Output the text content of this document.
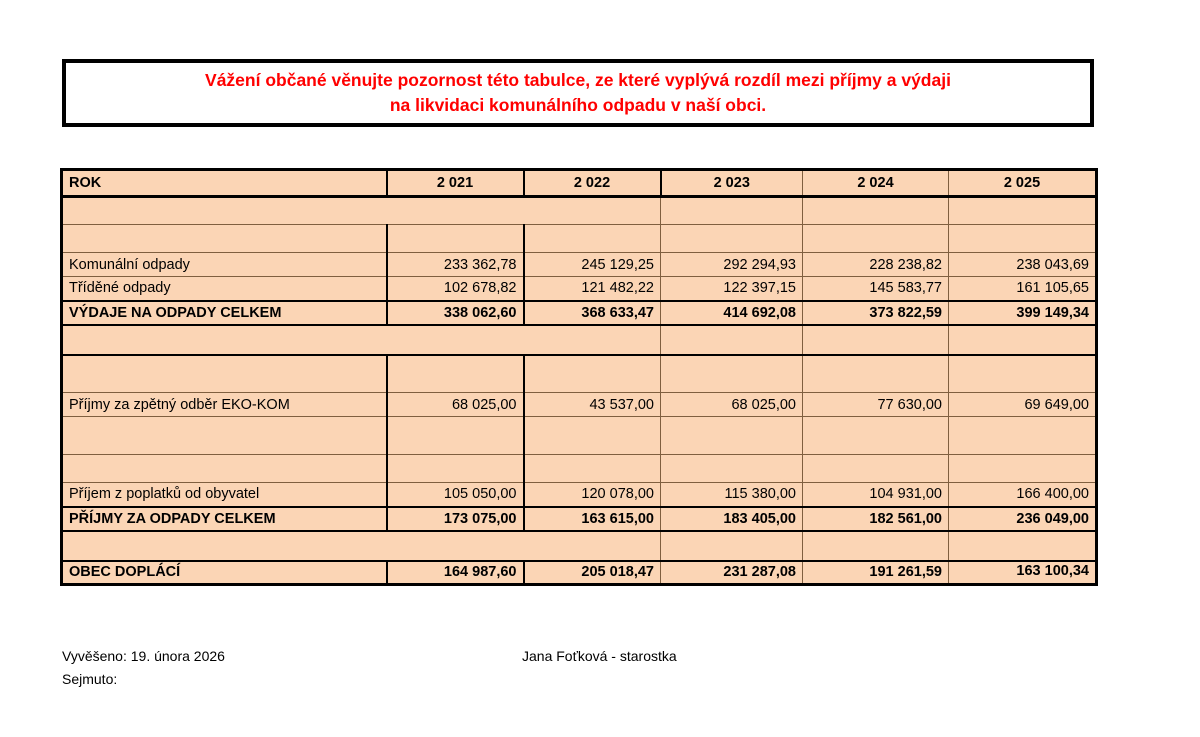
Vážení občané věnujte pozornost této tabulce, ze které vyplývá rozdíl mezi příjmy a výdaji
na likvidaci komunálního odpadu v naší obci.
ROK	2 021	2 022	2 023	2 024	2 025

Komunální odpady	233 362,78	245 129,25	292 294,93	228 238,82	238 043,69
Tříděné odpady	102 678,82	121 482,22	122 397,15	145 583,77	161 105,65
VÝDAJE NA ODPADY CELKEM	338 062,60	368 633,47	414 692,08	373 822,59	399 149,34

Příjmy za zpětný odběr EKO-KOM	68 025,00	43 537,00	68 025,00	77 630,00	69 649,00

Příjem z poplatků od obyvatel	105 050,00	120 078,00	115 380,00	104 931,00	166 400,00
PŘÍJMY ZA ODPADY CELKEM	173 075,00	163 615,00	183 405,00	182 561,00	236 049,00

OBEC DOPLÁCÍ	164 987,60	205 018,47	231 287,08	191 261,59	163 100,34
Vyvěšeno: 19. února 2026	Jana Foťková - starostka
Sejmuto:
